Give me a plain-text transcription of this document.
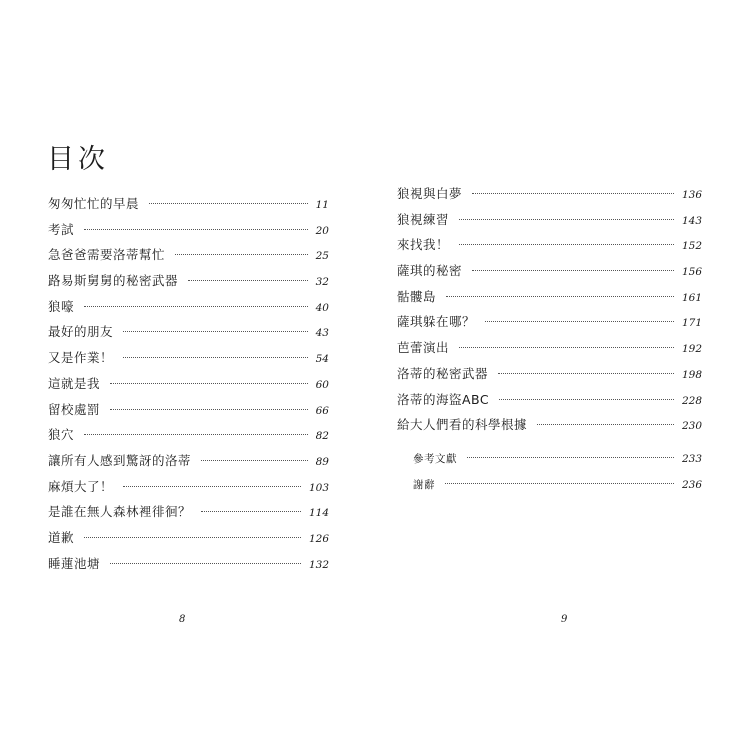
目次
匆匆忙忙的早晨	11
考試	20
急爸爸需要洛蒂幫忙	25
路易斯舅舅的秘密武器	32
狼嚎	40
最好的朋友	43
又是作業！	54
這就是我	60
留校處罰	66
狼穴	82
讓所有人感到驚訝的洛蒂	89
麻煩大了！	103
是誰在無人森林裡徘徊？	114
道歉	126
睡蓮池塘	132
狼視與白夢	136
狼視練習	143
來找我！	152
薩琪的秘密	156
骷髏島	161
薩琪躲在哪？	171
芭蕾演出	192
洛蒂的秘密武器	198
洛蒂的海盜ABC	228
給大人們看的科學根據	230
參考文獻	233
謝辭	236
8	9
